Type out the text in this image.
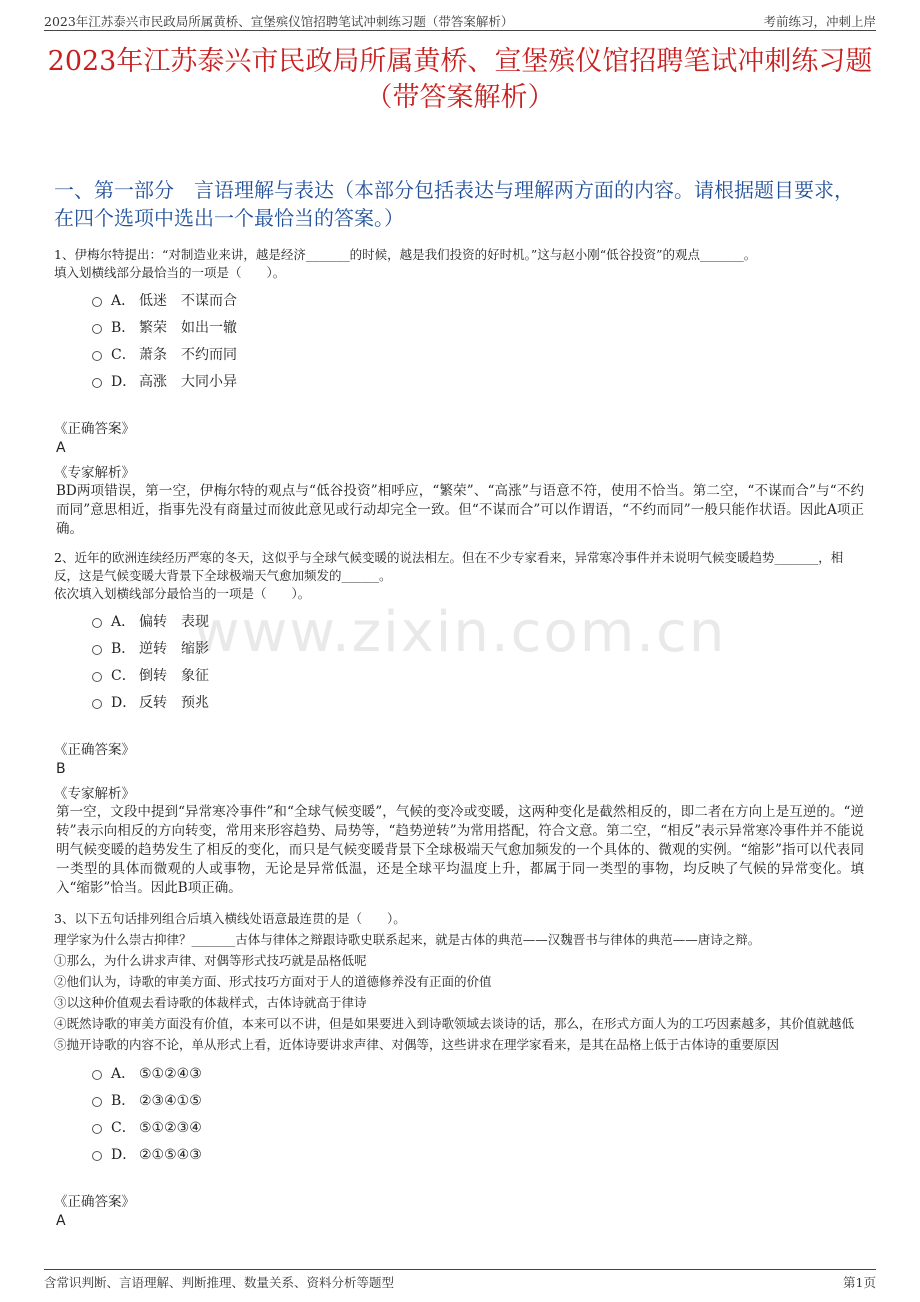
2023年江苏泰兴市民政局所属黄桥、宣堡殡仪馆招聘笔试冲刺练习题（带答案解析）	考前练习，冲刺上岸
2023年江苏泰兴市民政局所属黄桥、宣堡殡仪馆招聘笔试冲刺练习题（带答案解析）
一、第一部分　言语理解与表达（本部分包括表达与理解两方面的内容。请根据题目要求，在四个选项中选出一个最恰当的答案。）
www.zixin.com.cn

1、伊梅尔特提出：“对制造业来讲，越是经济_______的时候，越是我们投资的好时机。”这与赵小刚“低谷投资”的观点_______。

填入划横线部分最恰当的一项是（　　）。

A． 低迷　不谋而合
B． 繁荣　如出一辙
C． 萧条　不约而同
D． 高涨　大同小异
《正确答案》
A
《专家解析》

BD两项错误，第一空，伊梅尔特的观点与“低谷投资”相呼应，“繁荣”、“高涨”与语意不符，使用不恰当。第二空，“不谋而合”与“不约而同”意思相近，指事先没有商量过而彼此意见或行动却完全一致。但“不谋而合”可以作谓语，“不约而同”一般只能作状语。因此A项正确。

2、近年的欧洲连续经历严寒的冬天，这似乎与全球气候变暖的说法相左。但在不少专家看来，异常寒冷事件并未说明气候变暖趋势_______，相反，这是气候变暖大背景下全球极端天气愈加频发的______。

依次填入划横线部分最恰当的一项是（　　）。

A． 偏转　表现
B． 逆转　缩影
C． 倒转　象征
D． 反转　预兆
《正确答案》
B
《专家解析》

第一空，文段中提到“异常寒冷事件”和“全球气候变暖”，气候的变冷或变暖，这两种变化是截然相反的，即二者在方向上是互逆的。“逆转”表示向相反的方向转变，常用来形容趋势、局势等，“趋势逆转”为常用搭配，符合文意。第二空，“相反”表示异常寒冷事件并不能说明气候变暖的趋势发生了相反的变化，而只是气候变暖背景下全球极端天气愈加频发的一个具体的、微观的实例。“缩影”指可以代表同一类型的具体而微观的人或事物，无论是异常低温，还是全球平均温度上升，都属于同一类型的事物，均反映了气候的异常变化。填入“缩影”恰当。因此B项正确。

3、以下五句话排列组合后填入横线处语意最连贯的是（　　）。

理学家为什么崇古抑律？_______古体与律体之辩跟诗歌史联系起来，就是古体的典范——汉魏晋书与律体的典范——唐诗之辩。

①那么，为什么讲求声律、对偶等形式技巧就是品格低呢

②他们认为，诗歌的审美方面、形式技巧方面对于人的道德修养没有正面的价值

③以这种价值观去看诗歌的体裁样式，古体诗就高于律诗

④既然诗歌的审美方面没有价值，本来可以不讲，但是如果要进入到诗歌领域去谈诗的话，那么，在形式方面人为的工巧因素越多，其价值就越低

⑤抛开诗歌的内容不论，单从形式上看，近体诗要讲求声律、对偶等，这些讲求在理学家看来，是其在品格上低于古体诗的重要原因

A． ⑤①②④③
B． ②③④①⑤
C． ⑤①②③④
D． ②①⑤④③
《正确答案》
A
含常识判断、言语理解、判断推理、数量关系、资料分析等题型	第1页
